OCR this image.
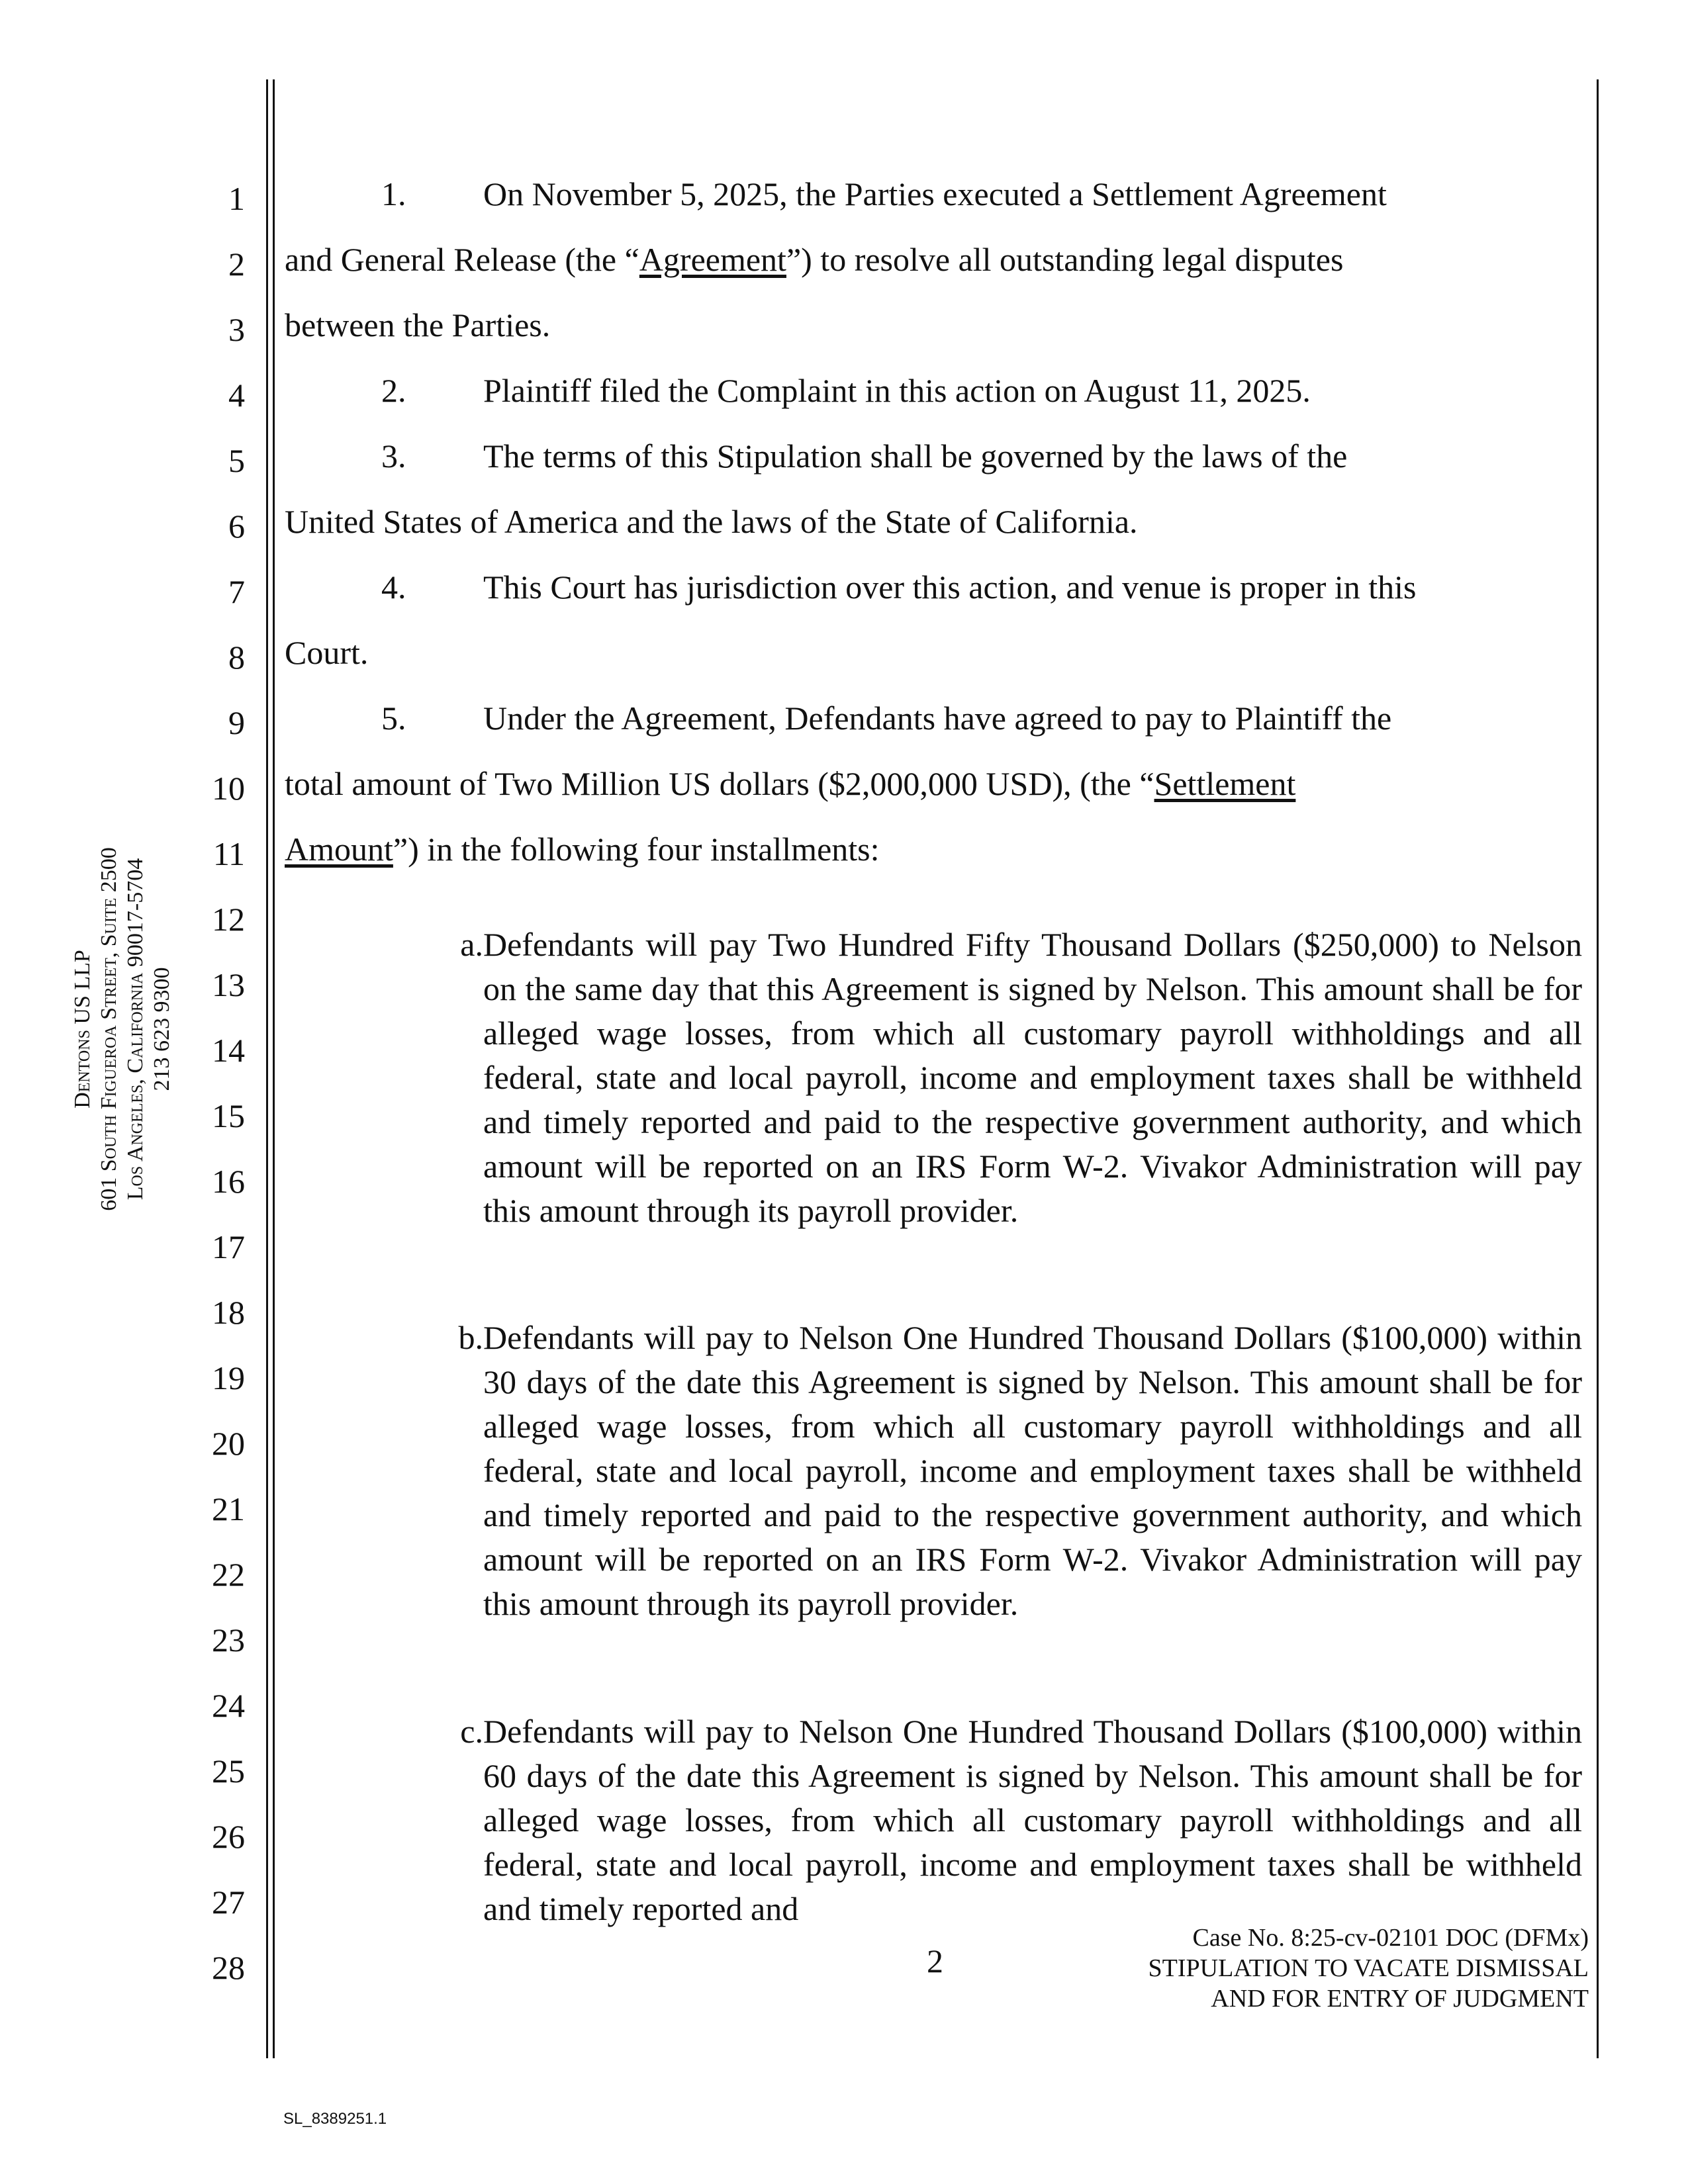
1
2
3
4
5
6
7
8
9
10
11
12
13
14
15
16
17
18
19
20
21
22
23
24
25
26
27
28
Dentons US LLP 601 South Figueroa Street, Suite 2500 Los Angeles, California 90017-5704 213 623 9300
1. On November 5, 2025, the Parties executed a Settlement Agreement
and General Release (the “Agreement”) to resolve all outstanding legal disputes
between the Parties.
2. Plaintiff filed the Complaint in this action on August 11, 2025.
3. The terms of this Stipulation shall be governed by the laws of the
United States of America and the laws of the State of California.
4. This Court has jurisdiction over this action, and venue is proper in this
Court.
5. Under the Agreement, Defendants have agreed to pay to Plaintiff the
total amount of Two Million US dollars ($2,000,000 USD), (the “Settlement
Amount”) in the following four installments:
a. Defendants will pay Two Hundred Fifty Thousand Dollars ($250,000) to Nelson on the same day that this Agreement is signed by Nelson. This amount shall be for alleged wage losses, from which all customary payroll withholdings and all federal, state and local payroll, income and employment taxes shall be withheld and timely reported and paid to the respective government authority, and which amount will be reported on an IRS Form W-2. Vivakor Administration will pay this amount through its payroll provider.
b. Defendants will pay to Nelson One Hundred Thousand Dollars ($100,000) within 30 days of the date this Agreement is signed by Nelson. This amount shall be for alleged wage losses, from which all customary payroll withholdings and all federal, state and local payroll, income and employment taxes shall be withheld and timely reported and paid to the respective government authority, and which amount will be reported on an IRS Form W-2. Vivakor Administration will pay this amount through its payroll provider.
c. Defendants will pay to Nelson One Hundred Thousand Dollars ($100,000) within 60 days of the date this Agreement is signed by Nelson. This amount shall be for alleged wage losses, from which all customary payroll withholdings and all federal, state and local payroll, income and employment taxes shall be withheld and timely reported and
2
Case No. 8:25-cv-02101 DOC (DFMx)
STIPULATION TO VACATE DISMISSAL
AND FOR ENTRY OF JUDGMENT
SL_8389251.1
